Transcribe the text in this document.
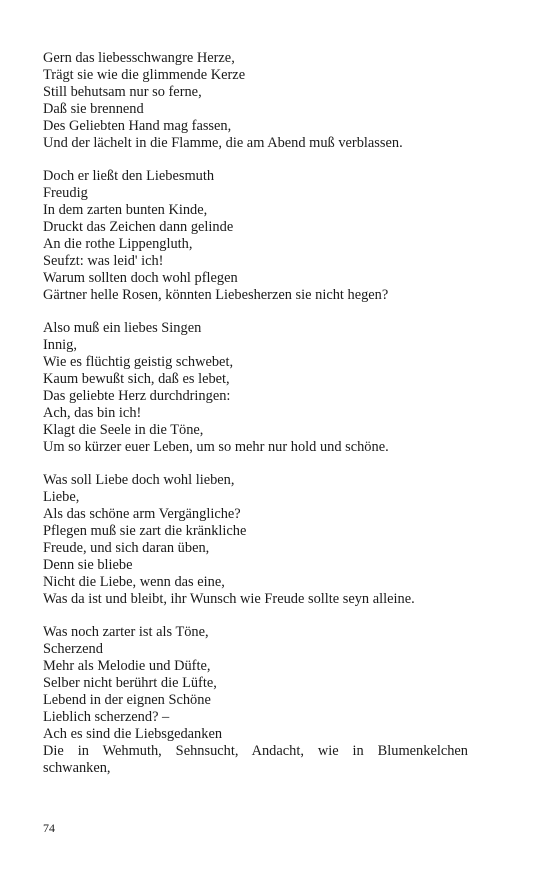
Gern das liebesschwangre Herze,
Trägt sie wie die glimmende Kerze
Still behutsam nur so ferne,
Daß sie brennend
Des Geliebten Hand mag fassen,
Und der lächelt in die Flamme, die am Abend muß verblassen.
Doch er ließt den Liebesmuth
Freudig
In dem zarten bunten Kinde,
Druckt das Zeichen dann gelinde
An die rothe Lippengluth,
Seufzt: was leid' ich!
Warum sollten doch wohl pflegen
Gärtner helle Rosen, könnten Liebesherzen sie nicht hegen?
Also muß ein liebes Singen
Innig,
Wie es flüchtig geistig schwebet,
Kaum bewußt sich, daß es lebet,
Das geliebte Herz durchdringen:
Ach, das bin ich!
Klagt die Seele in die Töne,
Um so kürzer euer Leben, um so mehr nur hold und schöne.
Was soll Liebe doch wohl lieben,
Liebe,
Als das schöne arm Vergängliche?
Pflegen muß sie zart die kränkliche
Freude, und sich daran üben,
Denn sie bliebe
Nicht die Liebe, wenn das eine,
Was da ist und bleibt, ihr Wunsch wie Freude sollte seyn alleine.
Was noch zarter ist als Töne,
Scherzend
Mehr als Melodie und Düfte,
Selber nicht berührt die Lüfte,
Lebend in der eignen Schöne
Lieblich scherzend? –
Ach es sind die Liebsgedanken
Die in Wehmuth, Sehnsucht, Andacht, wie in Blumenkelchen
schwanken,
74
